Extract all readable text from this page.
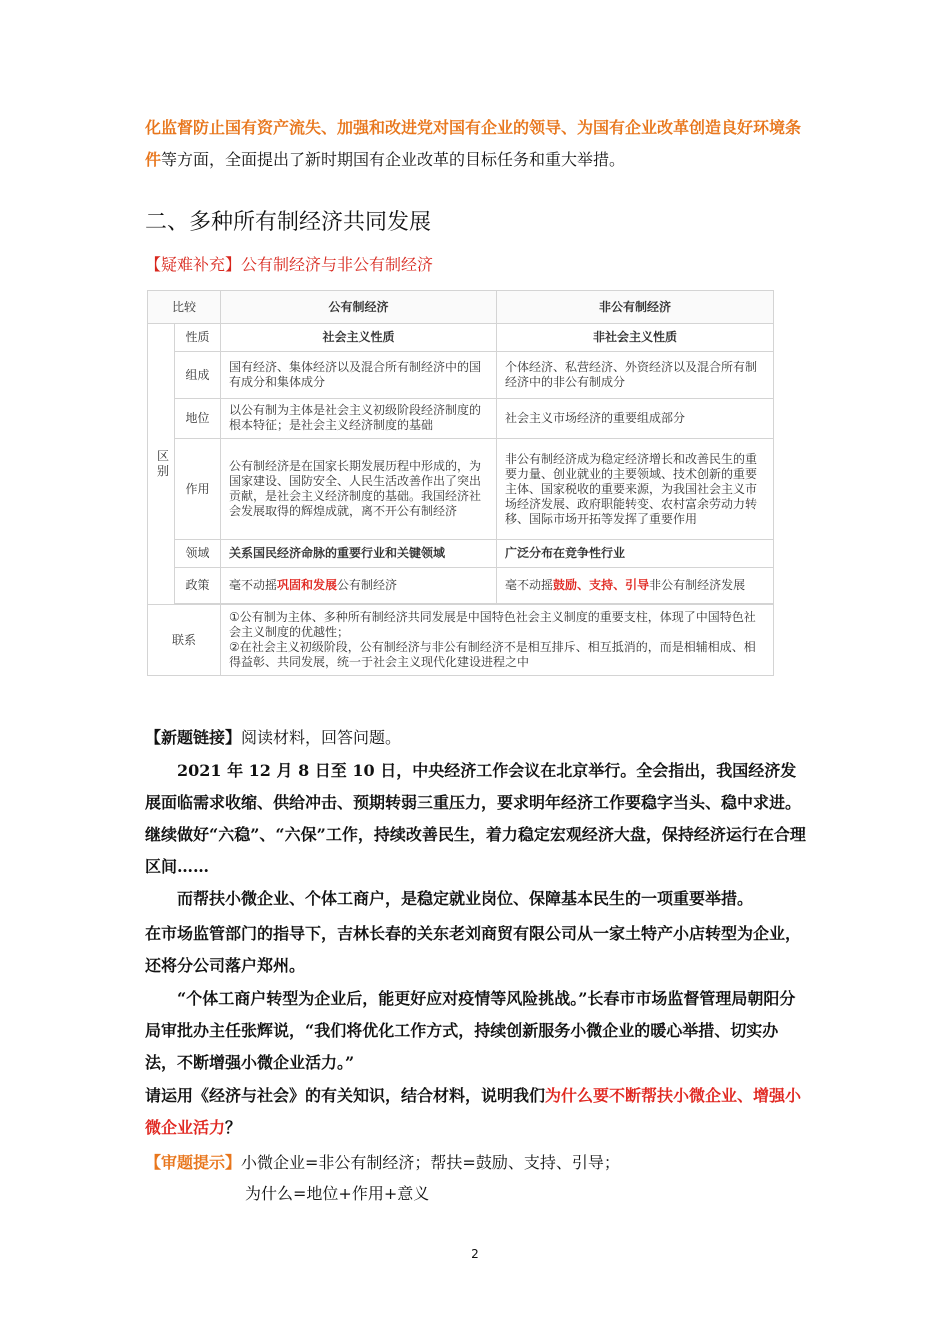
化监督防止国有资产流失、加强和改进党对国有企业的领导、为国有企业改革创造良好环境条件等方面，全面提出了新时期国有企业改革的目标任务和重大举措。

二、多种所有制经济共同发展

【疑难补充】公有制经济与非公有制经济

比较		公有制经济	非公有制经济
区别	性质	社会主义性质	非社会主义性质
	组成	国有经济、集体经济以及混合所有制经济中的国有成分和集体成分	个体经济、私营经济、外资经济以及混合所有制经济中的非公有制成分
	地位	以公有制为主体是社会主义初级阶段经济制度的根本特征；是社会主义经济制度的基础	社会主义市场经济的重要组成部分
	作用	公有制经济是在国家长期发展历程中形成的，为国家建设、国防安全、人民生活改善作出了突出贡献，是社会主义经济制度的基础。我国经济社会发展取得的辉煌成就，离不开公有制经济	非公有制经济成为稳定经济增长和改善民生的重要力量、创业就业的主要领域、技术创新的重要主体、国家税收的重要来源，为我国社会主义市场经济发展、政府职能转变、农村富余劳动力转移、国际市场开拓等发挥了重要作用
	领域	关系国民经济命脉的重要行业和关键领域	广泛分布在竞争性行业
	政策	毫不动摇巩固和发展公有制经济	毫不动摇鼓励、支持、引导非公有制经济发展

联系		①公有制为主体、多种所有制经济共同发展是中国特色社会主义制度的重要支柱，体现了中国特色社会主义制度的优越性；
②在社会主义初级阶段，公有制经济与非公有制经济不是相互排斥、相互抵消的，而是相辅相成、相得益彰、共同发展，统一于社会主义现代化建设进程之中	

【新题链接】阅读材料，回答问题。

2021 年 12 月 8 日至 10 日，中央经济工作会议在北京举行。全会指出，我国经济发展面临需求收缩、供给冲击、预期转弱三重压力，要求明年经济工作要稳字当头、稳中求进。继续做好“六稳”、“六保”工作，持续改善民生，着力稳定宏观经济大盘，保持经济运行在合理区间……

而帮扶小微企业、个体工商户，是稳定就业岗位、保障基本民生的一项重要举措。

在市场监管部门的指导下，吉林长春的关东老刘商贸有限公司从一家土特产小店转型为企业，还将分公司落户郑州。

“个体工商户转型为企业后，能更好应对疫情等风险挑战。”长春市市场监督管理局朝阳分局审批办主任张辉说，“我们将优化工作方式，持续创新服务小微企业的暖心举措、切实办法，不断增强小微企业活力。”

请运用《经济与社会》的有关知识，结合材料，说明我们为什么要不断帮扶小微企业、增强小微企业活力？

【审题提示】小微企业=非公有制经济；帮扶=鼓励、支持、引导；

为什么=地位+作用+意义

2
